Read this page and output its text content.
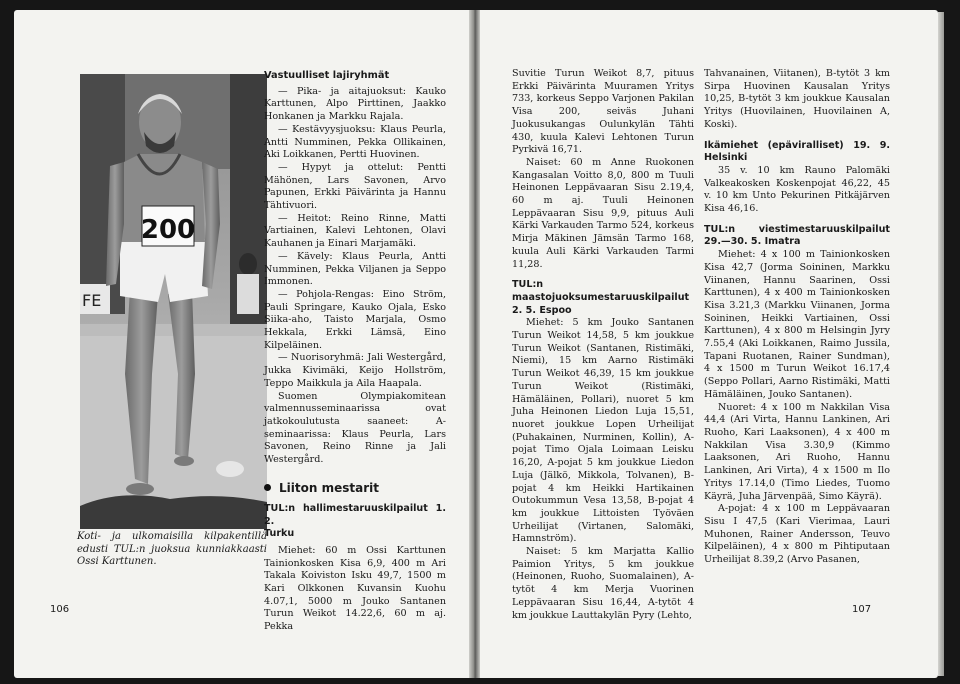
FE
200
Koti- ja ulkomaisilla kilpakentillä edusti TUL:n juoksua kunniakkaasti Ossi Karttunen.
Vastuulliset lajiryhmät

— Pika- ja aitajuoksut: Kauko Karttunen, Alpo Pirttinen, Jaakko Honkanen ja Markku Rajala.

— Kestävyysjuoksu: Klaus Peurla, Antti Numminen, Pekka Ollikainen, Aki Loikkanen, Pertti Huovinen.

— Hypyt ja ottelut: Pentti Mähönen, Lars Savonen, Arvo Papunen, Erkki Päivärinta ja Hannu Tähtivuori.

— Heitot: Reino Rinne, Matti Vartiainen, Kalevi Lehtonen, Olavi Kauhanen ja Einari Marjamäki.

— Kävely: Klaus Peurla, Antti Numminen, Pekka Viljanen ja Seppo Immonen.

— Pohjola-Rengas: Eino Ström, Pauli Springare, Kauko Ojala, Esko Siika-aho, Taisto Marjala, Osmo Hekkala, Erkki Lämsä, Eino Kilpeläinen.

— Nuorisoryhmä: Jali Westergård, Jukka Kivimäki, Keijo Hollström, Teppo Maikkula ja Aila Haapala.

Suomen Olympiakomitean valmennusseminaarissa ovat jatkokoulutusta saaneet: A-seminaarissa: Klaus Peurla, Lars Savonen, Reino Rinne ja Jali Westergård.

Liiton mestarit
TUL:n hallimestaruuskilpailut 1. 2.
Turku

Miehet: 60 m Ossi Karttunen Tainionkosken Kisa 6,9, 400 m Ari Takala Koiviston Isku 49,7, 1500 m Kari Olkkonen Kuvansin Kuohu 4.07,1, 5000 m Jouko Santanen Turun Weikot 14.22,6, 60 m aj. Pekka

106

Suvitie Turun Weikot 8,7, pituus Erkki Päivärinta Muuramen Yritys 733, korkeus Seppo Varjonen Pakilan Visa 200, seiväs Juhani Juokusukangas Oulunkylän Tähti 430, kuula Kalevi Lehtonen Turun Pyrkivä 16,71.

Naiset: 60 m Anne Ruokonen Kangasalan Voitto 8,0, 800 m Tuuli Heinonen Leppävaaran Sisu 2.19,4, 60 m aj. Tuuli Heinonen Leppävaaran Sisu 9,9, pituus Auli Kärki Varkauden Tarmo 524, korkeus Mirja Mäkinen Jämsän Tarmo 168, kuula Auli Kärki Varkauden Tarmi 11,28.

TUL:n maastojuoksumestaruuskilpailut 2. 5. Espoo

Miehet: 5 km Jouko Santanen Turun Weikot 14,58, 5 km joukkue Turun Weikot (Santanen, Ristimäki, Niemi), 15 km Aarno Ristimäki Turun Weikot 46,39, 15 km joukkue Turun Weikot (Ristimäki, Hämäläinen, Pollari), nuoret 5 km Juha Heinonen Liedon Luja 15,51, nuoret joukkue Lopen Urheilijat (Puhakainen, Nurminen, Kollin), A-pojat Timo Ojala Loimaan Leisku 16,20, A-pojat 5 km joukkue Liedon Luja (Jälkö, Mikkola, Tolvanen), B-pojat 4 km Heikki Hartikainen Outokummun Vesa 13,58, B-pojat 4 km joukkue Littoisten Työväen Urheilijat (Virtanen, Salomäki, Hamnström).

Naiset: 5 km Marjatta Kallio Paimion Yritys, 5 km joukkue (Heinonen, Ruoho, Suomalainen), A-tytöt 4 km Merja Vuorinen Leppävaaran Sisu 16,44, A-tytöt 4 km joukkue Lauttakylän Pyry (Lehto,

Tahvanainen, Viitanen), B-tytöt 3 km Sirpa Huovinen Kausalan Yritys 10,25, B-tytöt 3 km joukkue Kausalan Yritys (Huovilainen, Huovilainen A, Koski).

Ikämiehet (epäviralliset) 19. 9. Helsinki

35 v. 10 km Rauno Palomäki Valkeakosken Koskenpojat 46,22, 45 v. 10 km Unto Pekurinen Pitkäjärven Kisa 46,16.

TUL:n viestimestaruuskilpailut 29.—30. 5. Imatra

Miehet: 4 x 100 m Tainionkosken Kisa 42,7 (Jorma Soininen, Markku Viinanen, Hannu Saarinen, Ossi Karttunen), 4 x 400 m Tainionkosken Kisa 3.21,3 (Markku Viinanen, Jorma Soininen, Heikki Vartiainen, Ossi Karttunen), 4 x 800 m Helsingin Jyry 7.55,4 (Aki Loikkanen, Raimo Jussila, Tapani Ruotanen, Rainer Sundman), 4 x 1500 m Turun Weikot 16.17,4 (Seppo Pollari, Aarno Ristimäki, Matti Hämäläinen, Jouko Santanen).

Nuoret: 4 x 100 m Nakkilan Visa 44,4 (Ari Virta, Hannu Lankinen, Ari Ruoho, Kari Laaksonen), 4 x 400 m Nakkilan Visa 3.30,9 (Kimmo Laaksonen, Ari Ruoho, Hannu Lankinen, Ari Virta), 4 x 1500 m Ilo Yritys 17.14,0 (Timo Liedes, Tuomo Käyrä, Juha Järvenpää, Simo Käyrä).

A-pojat: 4 x 100 m Leppävaaran Sisu I 47,5 (Kari Vierimaa, Lauri Muhonen, Rainer Andersson, Teuvo Kilpeläinen), 4 x 800 m Pihtiputaan Urheilijat 8.39,2 (Arvo Pasanen,

107
